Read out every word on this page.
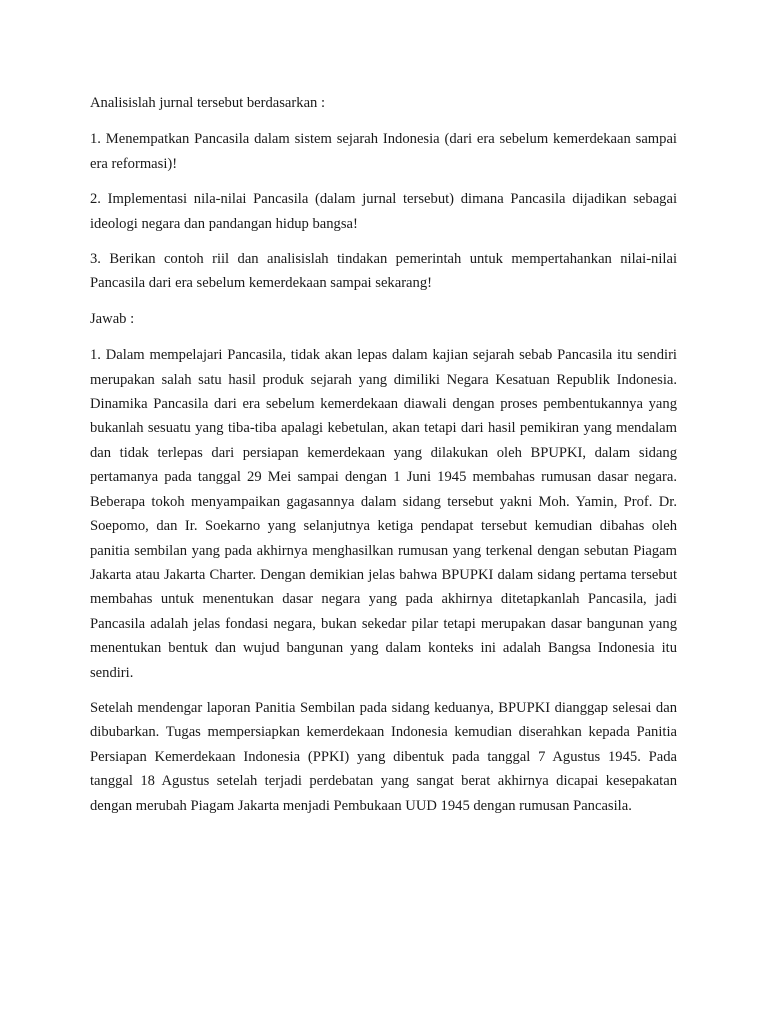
Analisislah jurnal tersebut berdasarkan :

1. Menempatkan Pancasila dalam sistem sejarah Indonesia (dari era sebelum kemerdekaan sampai era reformasi)!

2. Implementasi nila-nilai Pancasila (dalam jurnal tersebut) dimana Pancasila dijadikan sebagai ideologi negara dan pandangan hidup bangsa!

3. Berikan contoh riil dan analisislah tindakan pemerintah untuk mempertahankan nilai-nilai Pancasila dari era sebelum kemerdekaan sampai sekarang!

Jawab :

1. Dalam mempelajari Pancasila, tidak akan lepas dalam kajian sejarah sebab Pancasila itu sendiri merupakan salah satu hasil produk sejarah yang dimiliki Negara Kesatuan Republik Indonesia. Dinamika Pancasila dari era sebelum kemerdekaan diawali dengan proses pembentukannya yang bukanlah sesuatu yang tiba-tiba apalagi kebetulan, akan tetapi dari hasil pemikiran yang mendalam dan tidak terlepas dari persiapan kemerdekaan yang dilakukan oleh BPUPKI, dalam sidang pertamanya pada tanggal 29 Mei sampai dengan 1 Juni 1945 membahas rumusan dasar negara. Beberapa tokoh menyampaikan gagasannya dalam sidang tersebut yakni Moh. Yamin, Prof. Dr. Soepomo, dan Ir. Soekarno yang selanjutnya ketiga pendapat tersebut kemudian dibahas oleh panitia sembilan yang pada akhirnya menghasilkan rumusan yang terkenal dengan sebutan Piagam Jakarta atau Jakarta Charter. Dengan demikian jelas bahwa BPUPKI dalam sidang pertama tersebut membahas untuk menentukan dasar negara yang pada akhirnya ditetapkanlah Pancasila, jadi Pancasila adalah jelas fondasi negara, bukan sekedar pilar tetapi merupakan dasar bangunan yang menentukan bentuk dan wujud bangunan yang dalam konteks ini adalah Bangsa Indonesia itu sendiri.

Setelah mendengar laporan Panitia Sembilan pada sidang keduanya, BPUPKI dianggap selesai dan dibubarkan. Tugas mempersiapkan kemerdekaan Indonesia kemudian diserahkan kepada Panitia Persiapan Kemerdekaan Indonesia (PPKI) yang dibentuk pada tanggal 7 Agustus 1945. Pada tanggal 18 Agustus setelah terjadi perdebatan yang sangat berat akhirnya dicapai kesepakatan dengan merubah Piagam Jakarta menjadi Pembukaan UUD 1945 dengan rumusan Pancasila.
